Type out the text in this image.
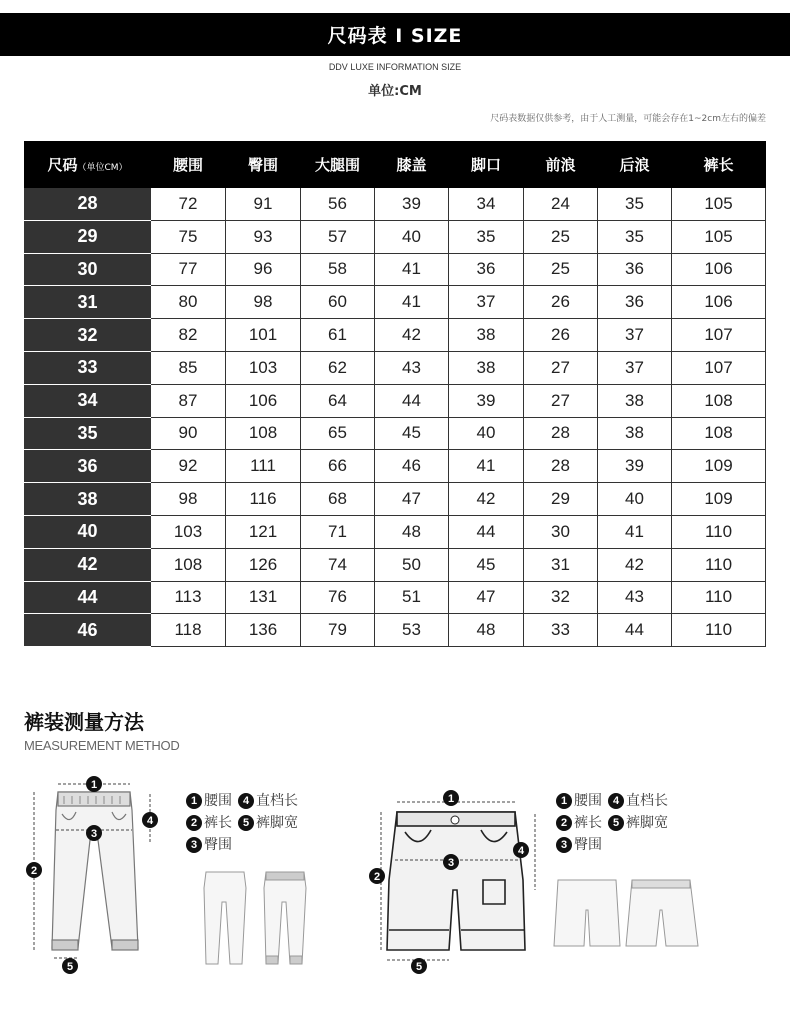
尺码表 Ⅰ SIZE
DDV LUXE INFORMATION SIZE
单位:CM
尺码表数据仅供参考，由于人工测量，可能会存在1~2cm左右的偏差
尺码（单位CM）	腰围	臀围	大腿围	膝盖	脚口	前浪	后浪	裤长
28	72	91	56	39	34	24	35	105
29	75	93	57	40	35	25	35	105
30	77	96	58	41	36	25	36	106
31	80	98	60	41	37	26	36	106
32	82	101	61	42	38	26	37	107
33	85	103	62	43	38	27	37	107
34	87	106	64	44	39	27	38	108
35	90	108	65	45	40	28	38	108
36	92	111	66	46	41	28	39	109
38	98	116	68	47	42	29	40	109
40	103	121	71	48	44	30	41	110
42	108	126	74	50	45	31	42	110
44	113	131	76	51	47	32	43	110
46	118	136	79	53	48	33	44	110
裤装测量方法
MEASUREMENT METHOD
1
2
3
4
5
1 腰围 4 直档长
2 裤长 5 裤脚宽
3 臀围
1
2
3
4
5
1 腰围 4 直档长
2 裤长 5 裤脚宽
3 臀围
